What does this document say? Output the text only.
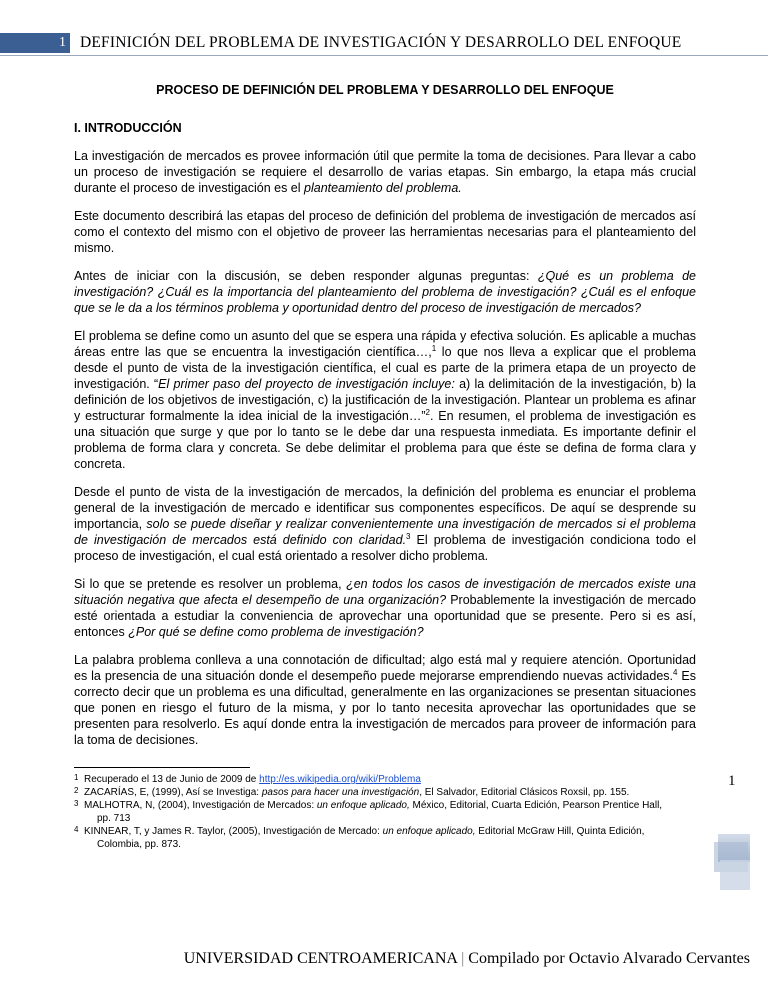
1 DEFINICIÓN DEL PROBLEMA DE INVESTIGACIÓN Y DESARROLLO DEL ENFOQUE
PROCESO DE DEFINICIÓN DEL PROBLEMA Y DESARROLLO DEL ENFOQUE
I. INTRODUCCIÓN

La investigación de mercados es provee información útil que permite la toma de decisiones. Para llevar a cabo un proceso de investigación se requiere el desarrollo de varias etapas. Sin embargo, la etapa más crucial durante el proceso de investigación es el planteamiento del problema.

Este documento describirá las etapas del proceso de definición del problema de investigación de mercados así como el contexto del mismo con el objetivo de proveer las herramientas necesarias para el planteamiento del mismo.

Antes de iniciar con la discusión, se deben responder algunas preguntas: ¿Qué es un problema de investigación? ¿Cuál es la importancia del planteamiento del problema de investigación? ¿Cuál es el enfoque que se le da a los términos problema y oportunidad dentro del proceso de investigación de mercados?

El problema se define como un asunto del que se espera una rápida y efectiva solución. Es aplicable a muchas áreas entre las que se encuentra la investigación científica…,$^1$ lo que nos lleva a explicar que el problema desde el punto de vista de la investigación científica, el cual es parte de la primera etapa de un proyecto de investigación. “El primer paso del proyecto de investigación incluye: a) la delimitación de la investigación, b) la definición de los objetivos de investigación, c) la justificación de la investigación. Plantear un problema es afinar y estructurar formalmente la idea inicial de la investigación…”$^2$. En resumen, el problema de investigación es una situación que surge y que por lo tanto se le debe dar una respuesta inmediata. Es importante definir el problema de forma clara y concreta. Se debe delimitar el problema para que éste se defina de forma clara y concreta.

Desde el punto de vista de la investigación de mercados, la definición del problema es enunciar el problema general de la investigación de mercado e identificar sus componentes específicos. De aquí se desprende su importancia, solo se puede diseñar y realizar convenientemente una investigación de mercados si el problema de investigación de mercados está definido con claridad.$^3$ El problema de investigación condiciona todo el proceso de investigación, el cual está orientado a resolver dicho problema.

Si lo que se pretende es resolver un problema, ¿en todos los casos de investigación de mercados existe una situación negativa que afecta el desempeño de una organización? Probablemente la investigación de mercado esté orientada a estudiar la conveniencia de aprovechar una oportunidad que se presente. Pero si es así, entonces ¿Por qué se define como problema de investigación?

La palabra problema conlleva a una connotación de dificultad; algo está mal y requiere atención. Oportunidad es la presencia de una situación donde el desempeño puede mejorarse emprendiendo nuevas actividades.$^4$ Es correcto decir que un problema es una dificultad, generalmente en las organizaciones se presentan situaciones que ponen en riesgo el futuro de la misma, y por lo tanto necesita aprovechar las oportunidades que se presenten para resolverlo. Es aquí donde entra la investigación de mercados para proveer de información para la toma de decisiones.

1 Recuperado el 13 de Junio de 2009 de http://es.wikipedia.org/wiki/Problema
2 ZACARÍAS, E, (1999), Así se Investiga: pasos para hacer una investigación, El Salvador, Editorial Clásicos Roxsil, pp. 155.
3 MALHOTRA, N, (2004), Investigación de Mercados: un enfoque aplicado, México, Editorial, Cuarta Edición, Pearson Prentice Hall,
pp. 713
4 KINNEAR, T, y James R. Taylor, (2005), Investigación de Mercado: un enfoque aplicado, Editorial McGraw Hill, Quinta Edición,
Colombia, pp. 873.
1
UNIVERSIDAD CENTROAMERICANA | Compilado por Octavio Alvarado Cervantes
